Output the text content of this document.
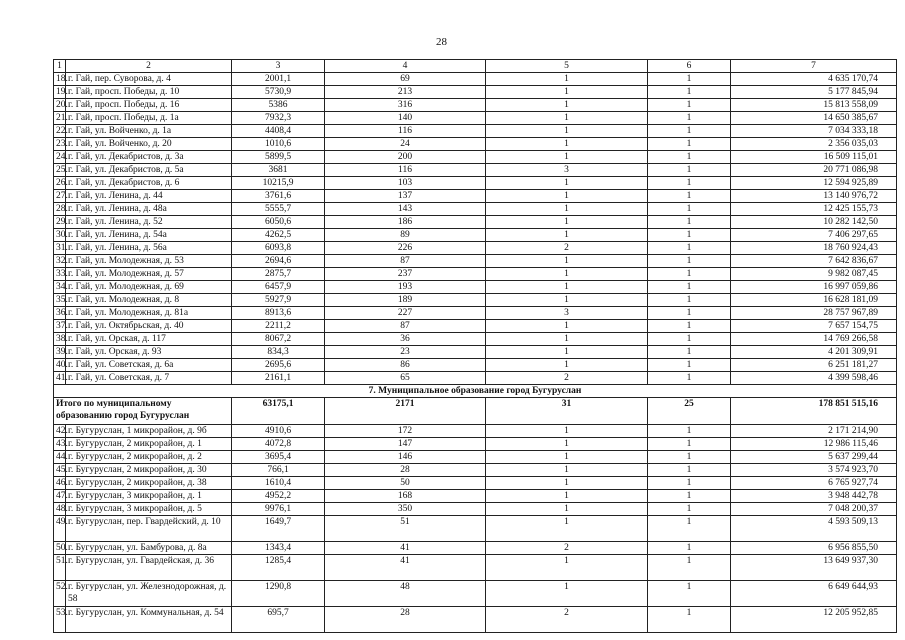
28
1	2	3	4	5	6	7
18.	г. Гай, пер. Суворова, д. 4	2001,1	69	1	1	4 635 170,74
19.	г. Гай, просп. Победы, д. 10	5730,9	213	1	1	5 177 845,94
20.	г. Гай, просп. Победы, д. 16	5386	316	1	1	15 813 558,09
21.	г. Гай, просп. Победы, д. 1а	7932,3	140	1	1	14 650 385,67
22.	г. Гай, ул. Войченко, д. 1а	4408,4	116	1	1	7 034 333,18
23.	г. Гай, ул. Войченко, д. 20	1010,6	24	1	1	2 356 035,03
24.	г. Гай, ул. Декабристов, д. 3а	5899,5	200	1	1	16 509 115,01
25.	г. Гай, ул. Декабристов, д. 5а	3681	116	3	1	20 771 086,98
26.	г. Гай, ул. Декабристов, д. 6	10215,9	103	1	1	12 594 925,89
27.	г. Гай, ул. Ленина, д. 44	3761,6	137	1	1	13 140 976,72
28.	г. Гай, ул. Ленина, д. 48а	5555,7	143	1	1	12 425 155,73
29.	г. Гай, ул. Ленина, д. 52	6050,6	186	1	1	10 282 142,50
30.	г. Гай, ул. Ленина, д. 54а	4262,5	89	1	1	7 406 297,65
31.	г. Гай, ул. Ленина, д. 56а	6093,8	226	2	1	18 760 924,43
32.	г. Гай, ул. Молодежная, д. 53	2694,6	87	1	1	7 642 836,67
33.	г. Гай, ул. Молодежная, д. 57	2875,7	237	1	1	9 982 087,45
34.	г. Гай, ул. Молодежная, д. 69	6457,9	193	1	1	16 997 059,86
35.	г. Гай, ул. Молодежная, д. 8	5927,9	189	1	1	16 628 181,09
36.	г. Гай, ул. Молодежная, д. 81а	8913,6	227	3	1	28 757 967,89
37.	г. Гай, ул. Октябрьская, д. 40	2211,2	87	1	1	7 657 154,75
38.	г. Гай, ул. Орская, д. 117	8067,2	36	1	1	14 769 266,58
39.	г. Гай, ул. Орская, д. 93	834,3	23	1	1	4 201 309,91
40.	г. Гай, ул. Советская, д. 6а	2695,6	86	1	1	6 251 181,27
41.	г. Гай, ул. Советская, д. 7	2161,1	65	2	1	4 399 598,46
7. Муниципальное образование город Бугуруслан						
Итого по муниципальному образованию город Бугуруслан		63175,1	2171	31	25	178 851 515,16
42.	г. Бугуруслан, 1 микрорайон, д. 9б	4910,6	172	1	1	2 171 214,90
43.	г. Бугуруслан, 2 микрорайон, д. 1	4072,8	147	1	1	12 986 115,46
44.	г. Бугуруслан, 2 микрорайон, д. 2	3695,4	146	1	1	5 637 299,44
45.	г. Бугуруслан, 2 микрорайон, д. 30	766,1	28	1	1	3 574 923,70
46.	г. Бугуруслан, 2 микрорайон, д. 38	1610,4	50	1	1	6 765 927,74
47.	г. Бугуруслан, 3 микрорайон, д. 1	4952,2	168	1	1	3 948 442,78
48.	г. Бугуруслан, 3 микрорайон, д. 5	9976,1	350	1	1	7 048 200,37
49.	г. Бугуруслан, пер. Гвардейский, д. 10	1649,7	51	1	1	4 593 509,13
50.	г. Бугуруслан, ул. Бамбурова, д. 8а	1343,4	41	2	1	6 956 855,50
51.	г. Бугуруслан, ул. Гвардейская, д. 36	1285,4	41	1	1	13 649 937,30
52.	г. Бугуруслан, ул. Железнодорожная, д. 58	1290,8	48	1	1	6 649 644,93
53.	г. Бугуруслан, ул. Коммунальная, д. 54	695,7	28	2	1	12 205 952,85
